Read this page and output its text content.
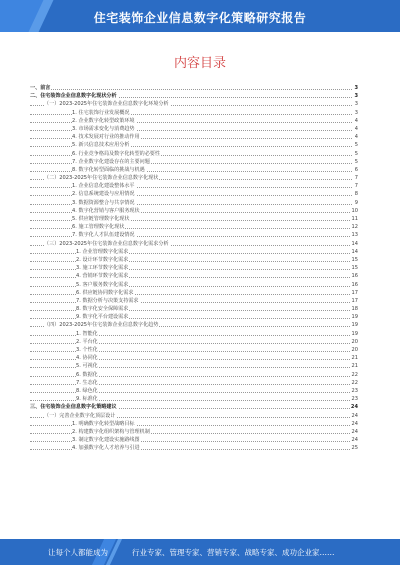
住宅装饰企业信息数字化策略研究报告
内容目录
一、前言	3
二、住宅装饰企业信息数字化现状分析	3
（一）2023-2025年住宅装饰企业信息数字化环境分析	3
1. 住宅装饰行业发展概况	3
2. 企业数字化转型政策环境	4
3. 市场需求变化与消费趋势	4
4. 技术发展对行业的推动作用	4
5. 新兴信息技术应用分析	5
6. 行业竞争格局及数字化转型的必要性	5
7. 企业数字化建设存在的主要问题	5
8. 数字化转型面临的挑战与机遇	6
（二）2023-2025年住宅装饰企业信息数字化现状	7
1. 企业信息化建设整体水平	7
2. 信息系统建设与应用情况	8
3. 数据资源整合与共享情况	9
4. 数字化营销与客户服务现状	10
5. 供应链管理数字化现状	11
6. 施工管理数字化现状	12
7. 数字化人才队伍建设情况	13
（三）2023-2025年住宅装饰企业信息数字化需求分析	14
1. 企业管理数字化需求	14
2. 设计环节数字化需求	15
3. 施工环节数字化需求	15
4. 营销环节数字化需求	16
5. 客户服务数字化需求	16
6. 供应链协同数字化需求	17
7. 数据分析与决策支持需求	17
8. 数字化安全保障需求	18
9. 数字化平台建设需求	19
（四）2023-2025年住宅装饰企业信息数字化趋势	19
1. 智能化	19
2. 平台化	20
3. 个性化	20
4. 协同化	21
5. 可视化	21
6. 数据化	22
7. 生态化	22
8. 绿色化	23
9. 标准化	23
三、住宅装饰企业信息数字化策略建议	24
（一）完善企业数字化顶层设计	24
1. 明确数字化转型战略目标	24
2. 构建数字化组织架构与管理机制	24
3. 制定数字化建设实施路线图	24
4. 加强数字化人才培养与引进	25
让每个人都能成为	行业专家、管理专家、营销专家、战略专家、成功企业家……
